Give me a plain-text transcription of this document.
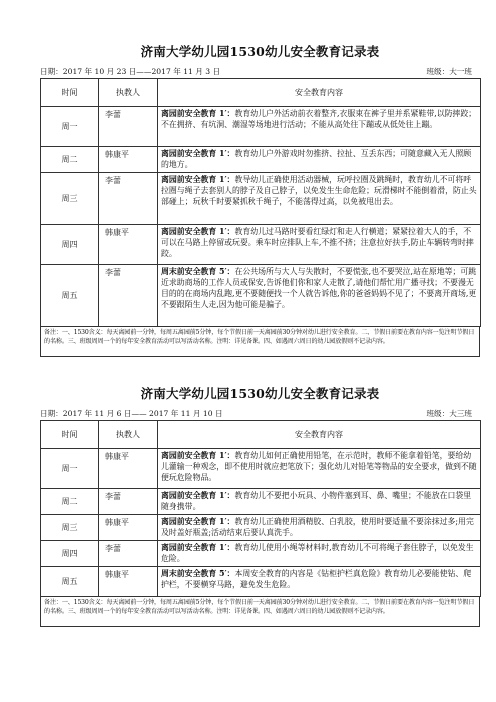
济南大学幼儿园1530幼儿安全教育记录表
日期：2017 年 10 月 23 日——2017 年 11 月 3 日	班级：大一班
时间	执教人	安全教育内容
周一	李蕾	离园前安全教育 1′：教育幼儿户外活动前衣着整齐,衣服束在裤子里并系紧鞋带,以防摔跤；不在拥挤、有坑洞、潮湿等场地进行活动；不能从高处往下蹦或从低处往上蹦。
周二	韩康平	离园前安全教育 1′：教育幼儿户外游戏时勿推挤、拉扯、互丢东西；可随意藏入无人照顾的地方。
周三	李蕾	离园前安全教育 1′：教导幼儿正确使用活动器械，玩呼拉圈及跳绳时，教育幼儿不可将呼拉圈与绳子去套别人的脖子及自己脖子，以免发生生命危险；玩滑梯时不能倒着滑，防止头部碰上；玩秋千时要紧抓秋千绳子，不能荡得过高，以免被甩出去。
周四	韩康平	离园前安全教育 1′：教育幼儿过马路时要看红绿灯和走人行横道；紧紧拉着大人的手，不可以在马路上停留或玩耍。乘车时应排队上车,不推不挤；注意拉好扶手,防止车辆转弯时摔跤。
周五	李蕾	周末前安全教育 5′：在公共场所与大人与失散时，不要慌张,也不要哭泣,站在原地等；可跳近求助商场的工作人员或保安,告诉他们你和家人走散了,请他们帮忙用广播寻找；不要漫无目的的在商场内乱跑,更不要随便找一个人就告诉他,你的爸爸妈妈不见了；不要离开商场,更不要跟陌生人走,因为他可能是骗子。
备注：一、1530含义：每天离园前一分钟，每周五离园前5分钟，每个节假日前一天离园前30分钟对幼儿进行安全教育。二、节假日前要在教育内容一览注明节假日的名称。三、班级周周一个的每年安全教育活动可以写活动名称。注明：详见备课。四、如遇周六周日的幼儿园放假则不记录内容。
济南大学幼儿园1530幼儿安全教育记录表
日期：2017 年 11 月 6 日—— 2017 年 11 月 10 日	班级：大三班
时间	执教人	安全教育内容
周一	韩康平	离园前安全教育 1′：教育幼儿如何正确使用铅笔，在示范时，教师不能拿着铅笔，要给幼儿灌输一种观念，即不使用时就应把笔放下；强化幼儿对铅笔等物品的安全要求，做到不随便玩危险物品。
周二	李蕾	离园前安全教育 1′：教育幼儿不要把小玩具、小物件塞到耳、鼻、嘴里；不能放在口袋里随身携带。
周三	韩康平	离园前安全教育 1′：教育幼儿正确使用酒精胶、白乳胶，使用时要适量不要涂抹过多;用完及时盖好瓶盖;活动结束后要认真洗手。
周四	李蕾	离园前安全教育 1′：教育幼儿使用小绳等材料时,教育幼儿不可将绳子套住脖子，以免发生危险。
周五	韩康平	周末前安全教育 5′：本周安全教育的内容是《钻柜护栏真危险》教育幼儿必要能使钻、爬护栏，不要横穿马路，避免发生危险。
备注：一、1530含义：每天离园前一分钟，每周五离园前5分钟，每个节假日前一天离园前30分钟对幼儿进行安全教育。二、节假日前要在教育内容一览注明节假日的名称。三、班级周周一个的每年安全教育活动可以写活动名称。注明：详见备课。四、如遇周六周日的幼儿园放假则不记录内容。
